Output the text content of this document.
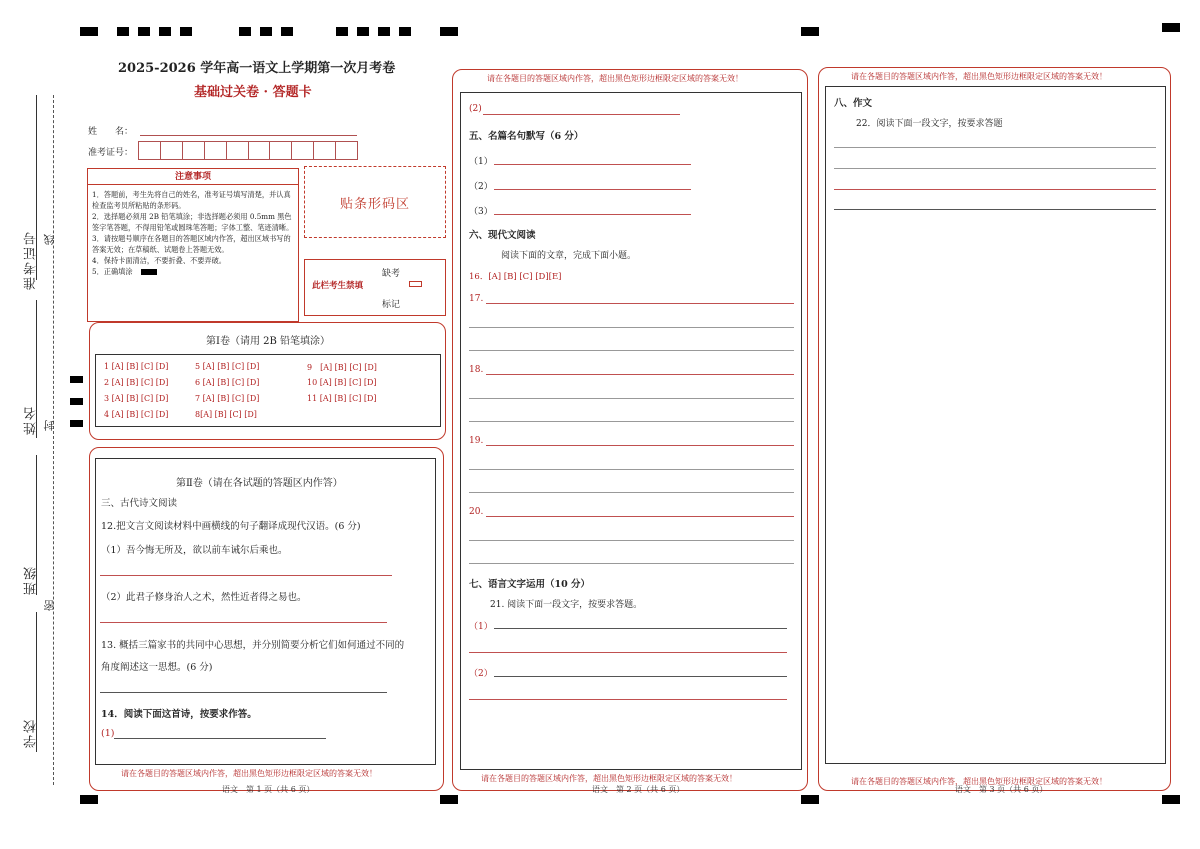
准考证号
姓名
班级
学校
线
封
密
2025-2026 学年高一语文上学期第一次月考卷
基础过关卷 · 答题卡
姓　　名：
准考证号：
注意事项
1．答题前，考生先将自己的姓名，准考证号填写清楚，并认真检查监考员所粘贴的条形码。
2．选择题必须用 2B 铅笔填涂；非选择题必须用 0.5mm 黑色签字笔答题，不得用铅笔或圆珠笔答题；字体工整、笔迹清晰。
3．请按题号顺序在各题目的答题区域内作答，超出区域书写的答案无效；在草稿纸、试题卷上答题无效。
4．保持卡面清洁，不要折叠、不要弄破。
5．正确填涂
贴条形码区
此栏考生禁填
缺考
标记
第Ⅰ卷（请用 2B 铅笔填涂）
1 [A] [B] [C] [D]
2 [A] [B] [C] [D]
3 [A] [B] [C] [D]
4 [A] [B] [C] [D]
5 [A] [B] [C] [D]
6 [A] [B] [C] [D]
7 [A] [B] [C] [D]
8[A] [B] [C] [D]
9　[A] [B] [C] [D]
10 [A] [B] [C] [D]
11 [A] [B] [C] [D]
第Ⅱ卷（请在各试题的答题区内作答）
三、古代诗文阅读
12.把文言文阅读材料中画横线的句子翻译成现代汉语。(6 分)
（1）吾今悔无所及，欲以前车诫尔后乘也。
（2）此君子修身治人之术，然性近者得之易也。
13. 概括三篇家书的共同中心思想，并分别简要分析它们如何通过不同的
角度阐述这一思想。(6 分)
14．阅读下面这首诗，按要求作答。
(1)
请在各题目的答题区域内作答，超出黑色矩形边框限定区域的答案无效！
语文　第 1 页（共 6 页）
请在各题目的答题区域内作答，超出黑色矩形边框限定区域的答案无效！
(2)
五、名篇名句默写（6 分）
（1）
（2）
（3）
六、现代文阅读
阅读下面的文章，完成下面小题。
16．[A] [B] [C] [D][E]
17.
18.
19.
20.
七、语言文字运用（10 分）
21. 阅读下面一段文字，按要求答题。
（1）
（2）
请在各题目的答题区域内作答，超出黑色矩形边框限定区域的答案无效！
语文　第 2 页（共 6 页）
请在各题目的答题区域内作答，超出黑色矩形边框限定区域的答案无效！
八、作文
22．阅读下面一段文字，按要求答题
请在各题目的答题区域内作答，超出黑色矩形边框限定区域的答案无效！
语文　第 3 页（共 6 页）
